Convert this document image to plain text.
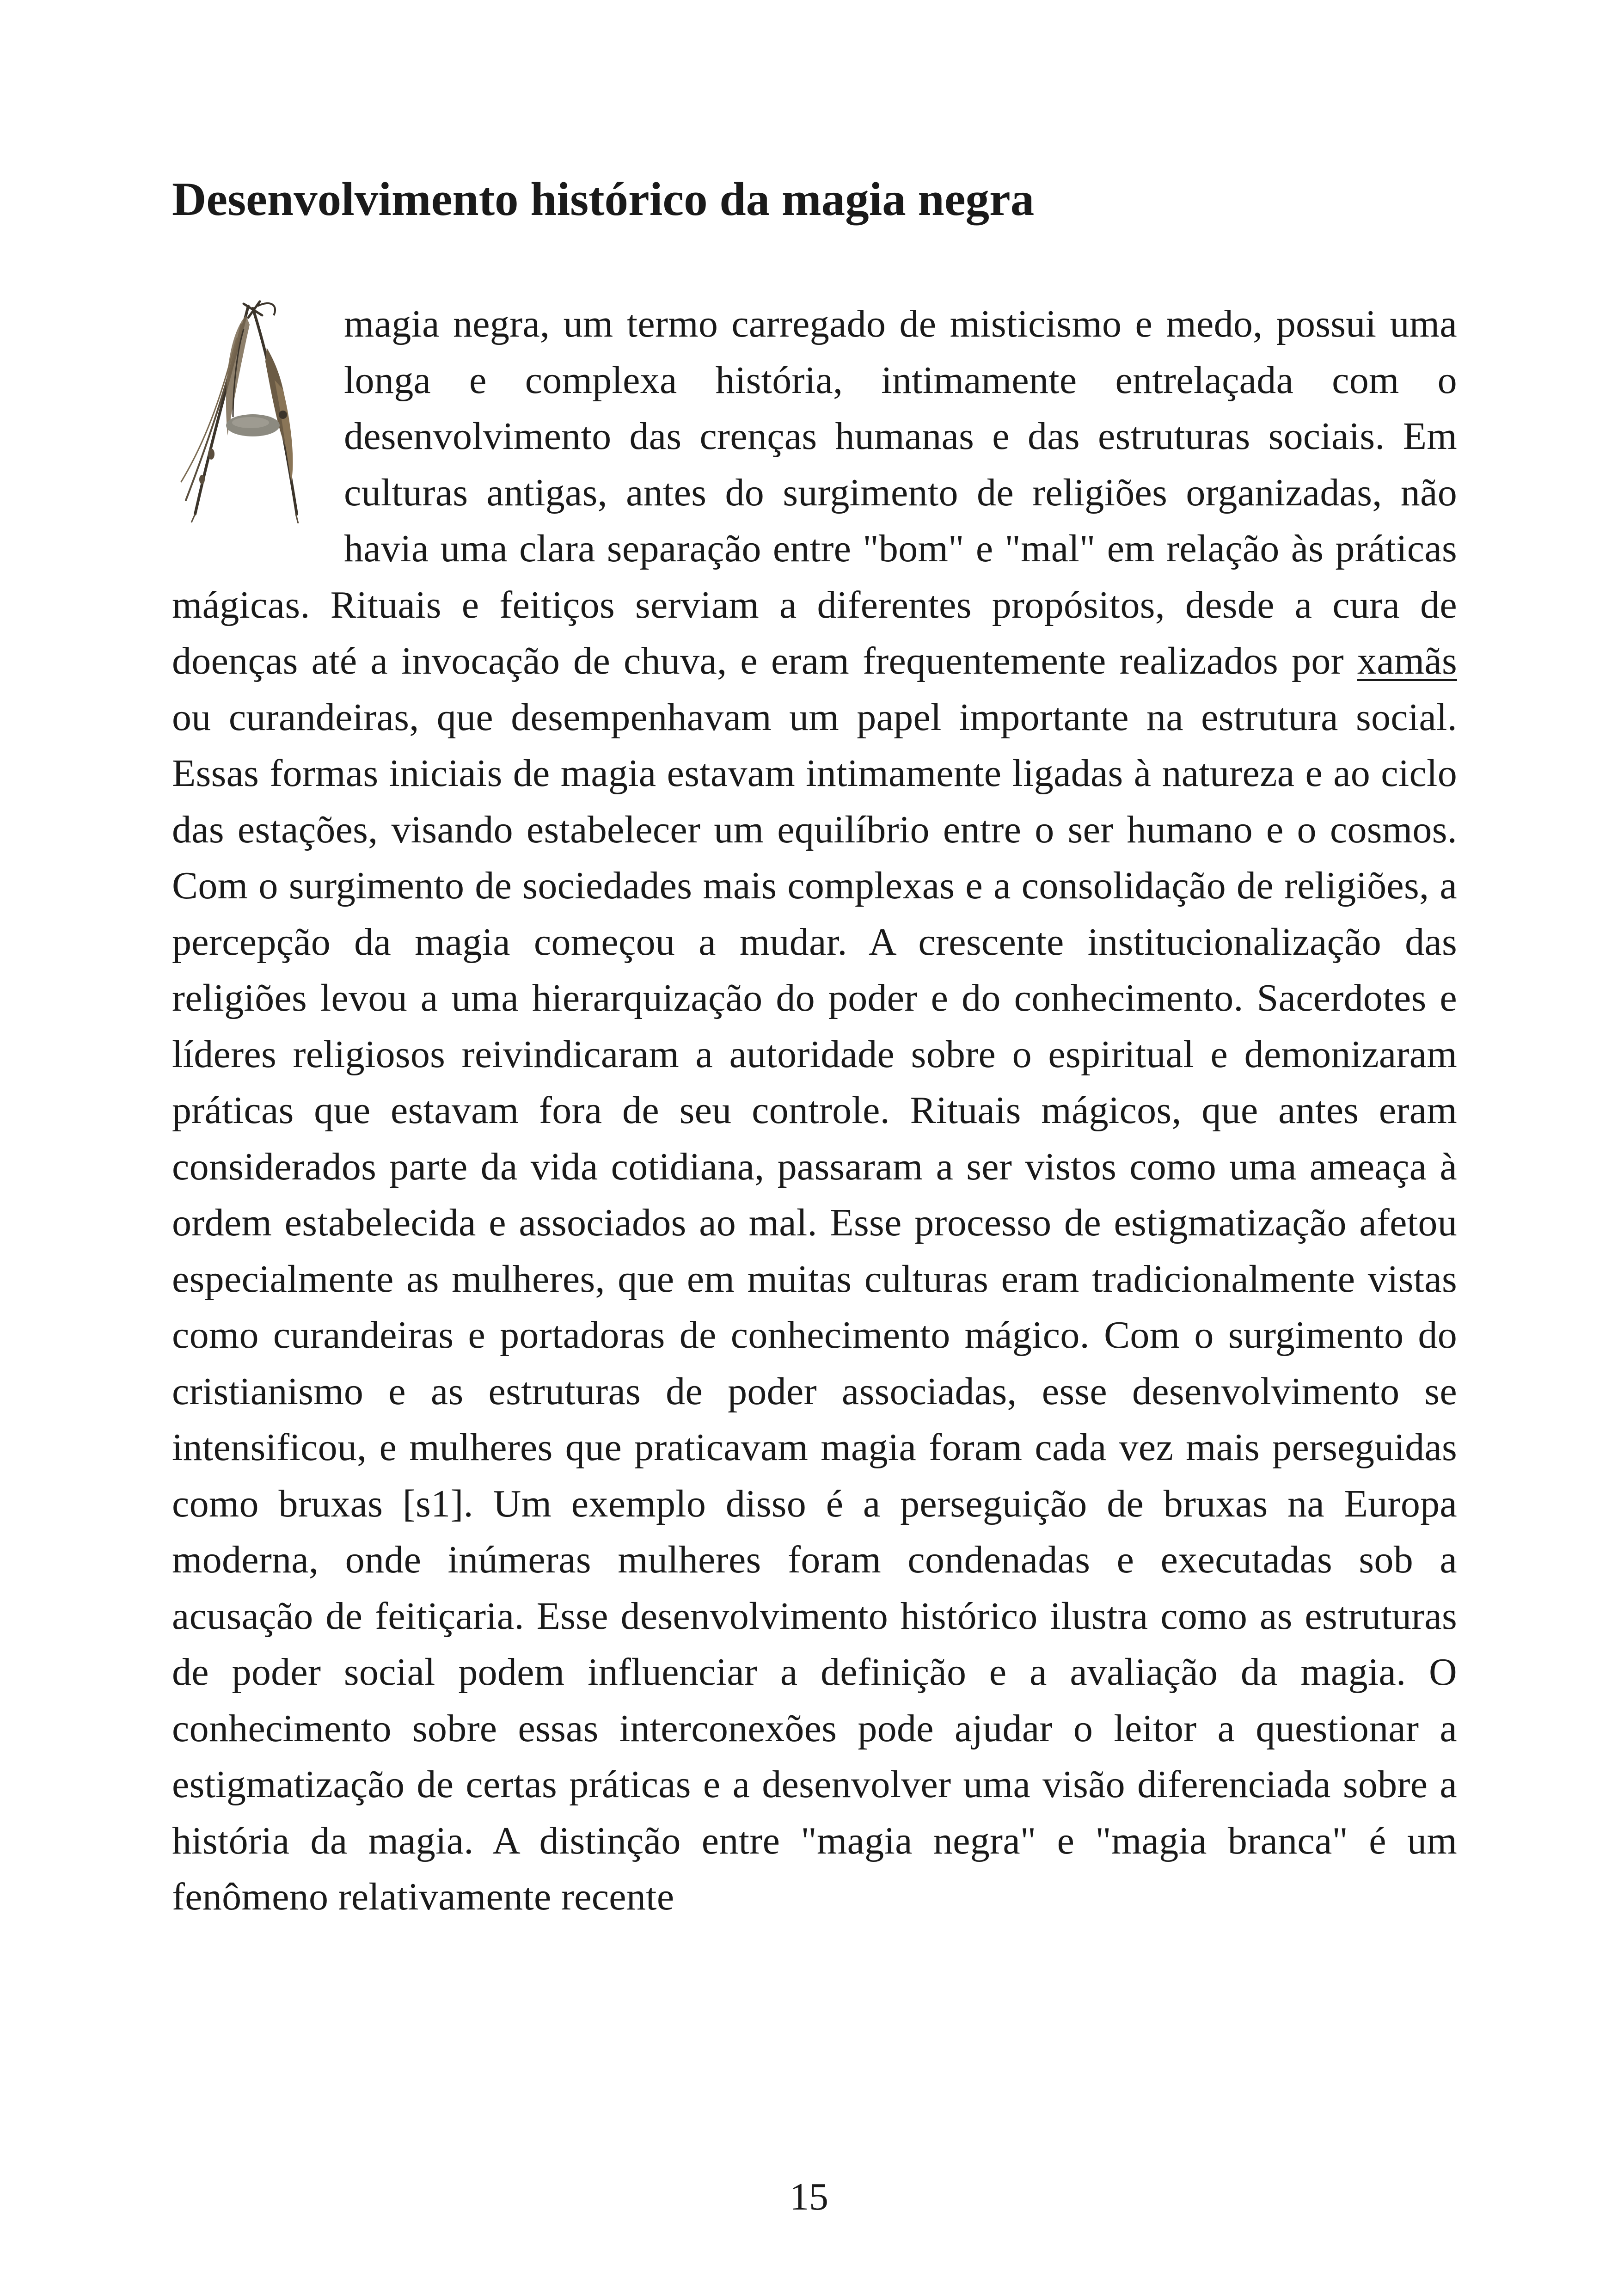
Desenvolvimento histórico da magia negra

magia negra, um termo carregado de misticismo e medo, possui uma longa e complexa história, intimamente entrelaçada com o desenvolvimento das crenças humanas e das estruturas sociais. Em culturas antigas, antes do surgimento de religiões organizadas, não havia uma clara separação entre "bom" e "mal" em relação às práticas mágicas. Rituais e feitiços serviam a diferentes propósitos, desde a cura de doenças até a invocação de chuva, e eram frequentemente realizados por xamãs ou curandeiras, que desempenhavam um papel importante na estrutura social. Essas formas iniciais de magia estavam intimamente ligadas à natureza e ao ciclo das estações, visando estabelecer um equilíbrio entre o ser humano e o cosmos. Com o surgimento de sociedades mais complexas e a consolidação de religiões, a percepção da magia começou a mudar. A crescente institucionalização das religiões levou a uma hierarquização do poder e do conhecimento. Sacerdotes e líderes religiosos reivindicaram a autoridade sobre o espiritual e demonizaram práticas que estavam fora de seu controle. Rituais mágicos, que antes eram considerados parte da vida cotidiana, passaram a ser vistos como uma ameaça à ordem estabelecida e associados ao mal. Esse processo de estigmatização afetou especialmente as mulheres, que em muitas culturas eram tradicionalmente vistas como curandeiras e portadoras de conhecimento mágico. Com o surgimento do cristianismo e as estruturas de poder associadas, esse desenvolvimento se intensificou, e mulheres que praticavam magia foram cada vez mais perseguidas como bruxas [s1]. Um exemplo disso é a perseguição de bruxas na Europa moderna, onde inúmeras mulheres foram condenadas e executadas sob a acusação de feitiçaria. Esse desenvolvimento histórico ilustra como as estruturas de poder social podem influenciar a definição e a avaliação da magia. O conhecimento sobre essas interconexões pode ajudar o leitor a questionar a estigmatização de certas práticas e a desenvolver uma visão diferenciada sobre a história da magia. A distinção entre "magia negra" e "magia branca" é um fenômeno relativamente recente

15
